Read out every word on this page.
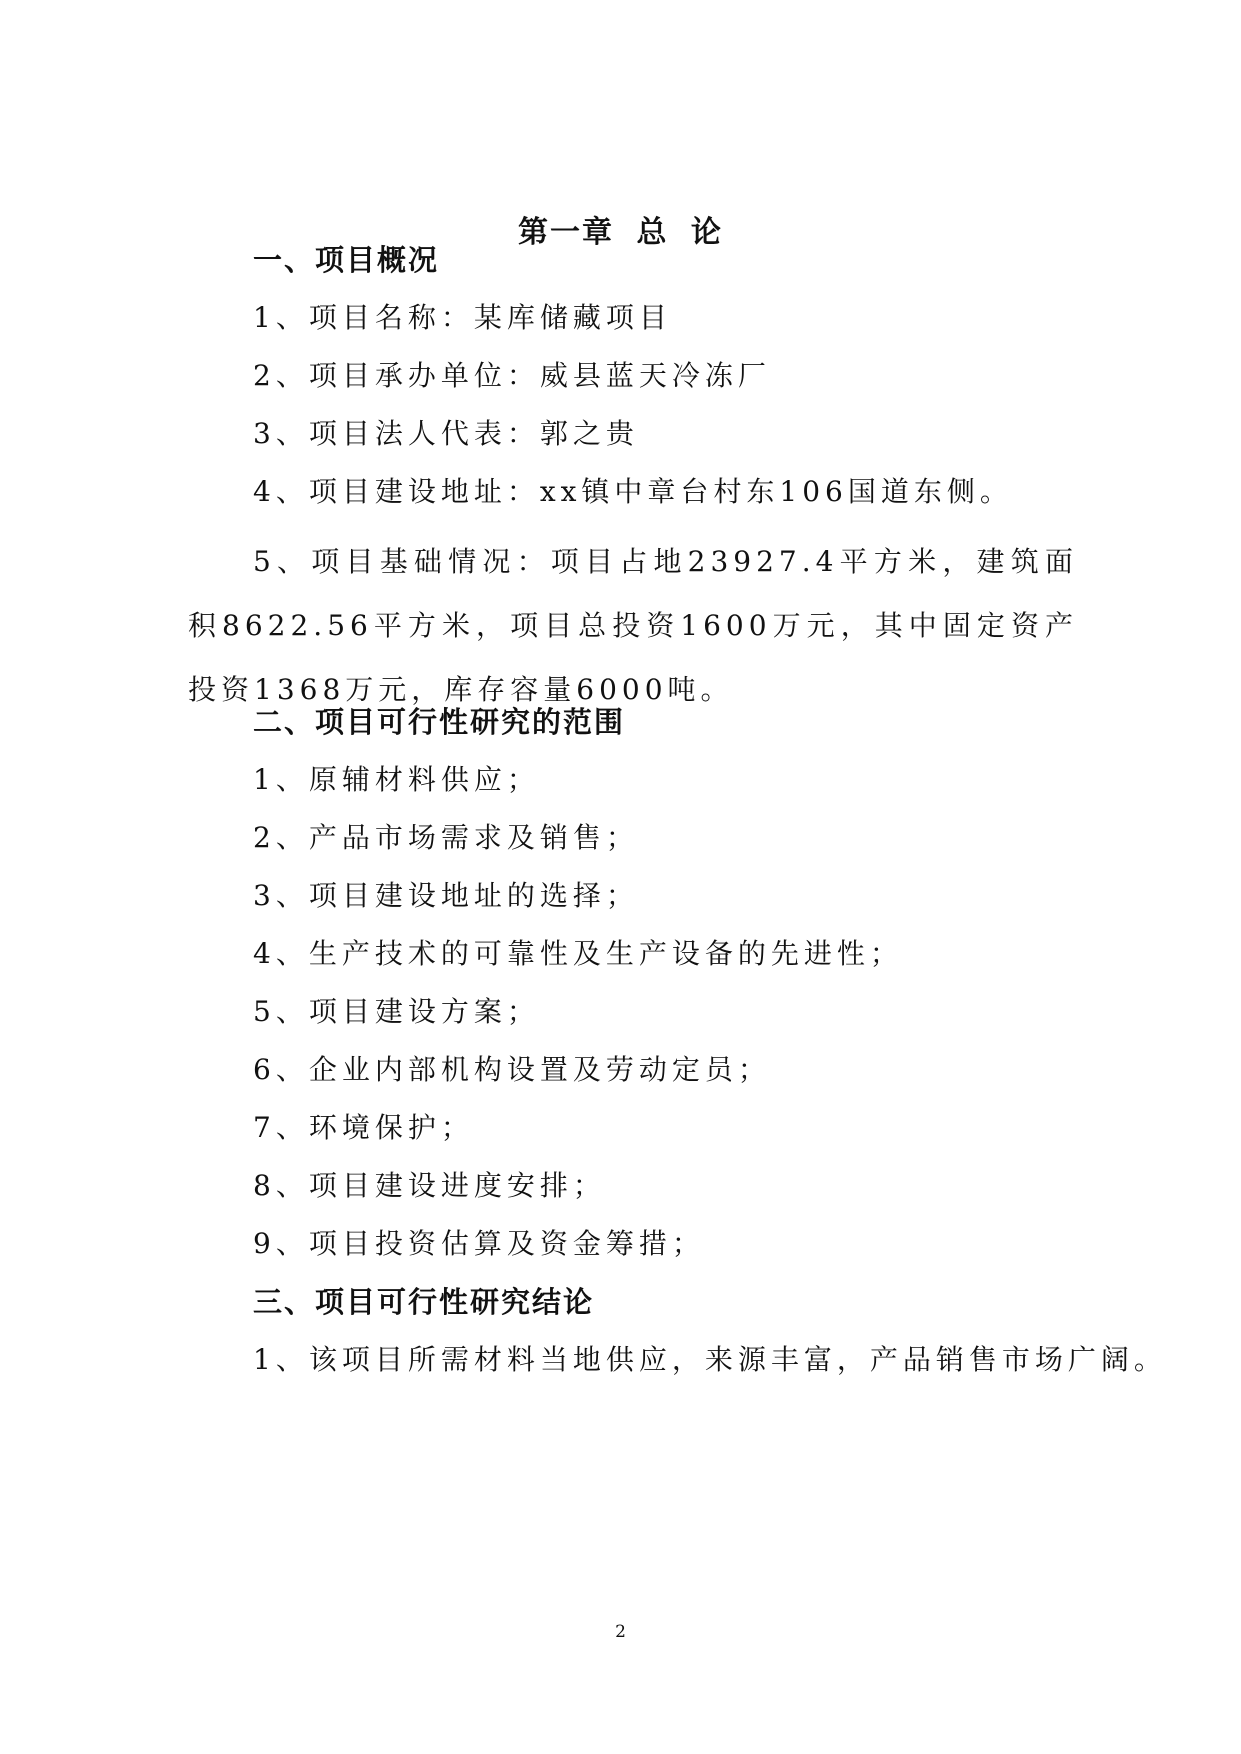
第一章 总 论
一、项目概况
1、项目名称：某库储藏项目
2、项目承办单位：威县蓝天冷冻厂
3、项目法人代表：郭之贵
4、项目建设地址：xx镇中章台村东106国道东侧。
5、项目基础情况：项目占地23927.4平方米，建筑面积8622.56平方米，项目总投资1600万元，其中固定资产投资1368万元，库存容量6000吨。
二、项目可行性研究的范围
1、原辅材料供应；
2、产品市场需求及销售；
3、项目建设地址的选择；
4、生产技术的可靠性及生产设备的先进性；
5、项目建设方案；
6、企业内部机构设置及劳动定员；
7、环境保护；
8、项目建设进度安排；
9、项目投资估算及资金筹措；
三、项目可行性研究结论
1、该项目所需材料当地供应，来源丰富，产品销售市场广阔。
2
